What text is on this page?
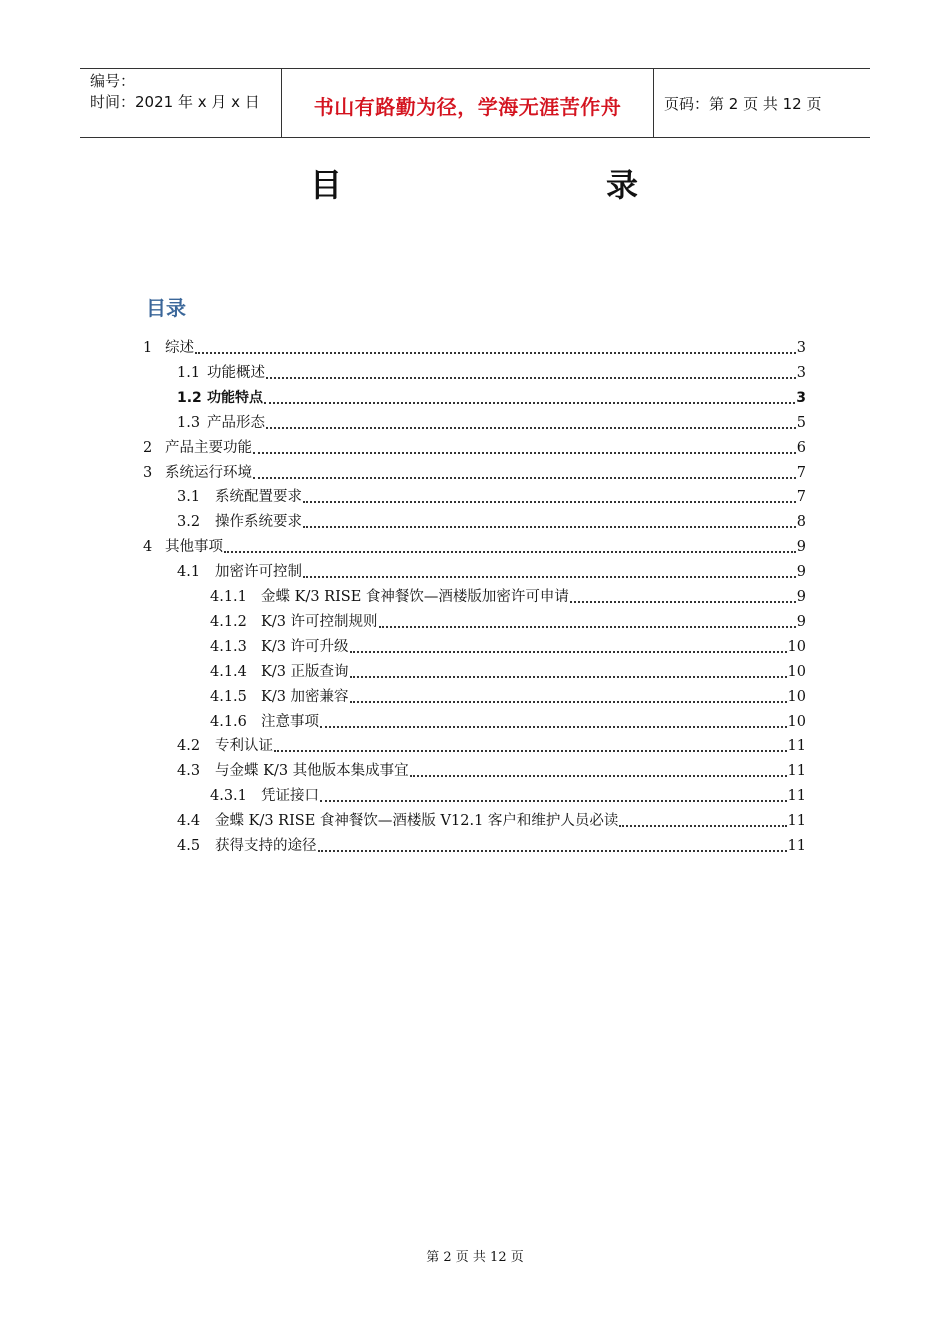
编号：
时间：2021 年 x 月 x 日	书山有路勤为径，学海无涯苦作舟	页码：第 2 页 共 12 页
目	录
目录
1 综述	3
1.1 功能概述	3
1.2 功能特点	3
1.3 产品形态	5
2 产品主要功能	6
3 系统运行环境	7
3.1	系统配置要求	7
3.2	操作系统要求	8
4 其他事项	9
4.1	加密许可控制	9
4.1.1 金蝶 K/3 RISE 食神餐饮—酒楼版加密许可申请	9
4.1.2 K/3 许可控制规则	9
4.1.3 K/3 许可升级	10
4.1.4 K/3 正版查询	10
4.1.5 K/3 加密兼容	10
4.1.6 注意事项	10
4.2	专利认证	11
4.3	与金蝶 K/3 其他版本集成事宜	11
4.3.1 凭证接口	11
4.4	金蝶 K/3 RISE 食神餐饮—酒楼版 V12.1 客户和维护人员必读	11
4.5	获得支持的途径	11
第 2 页 共 12 页
